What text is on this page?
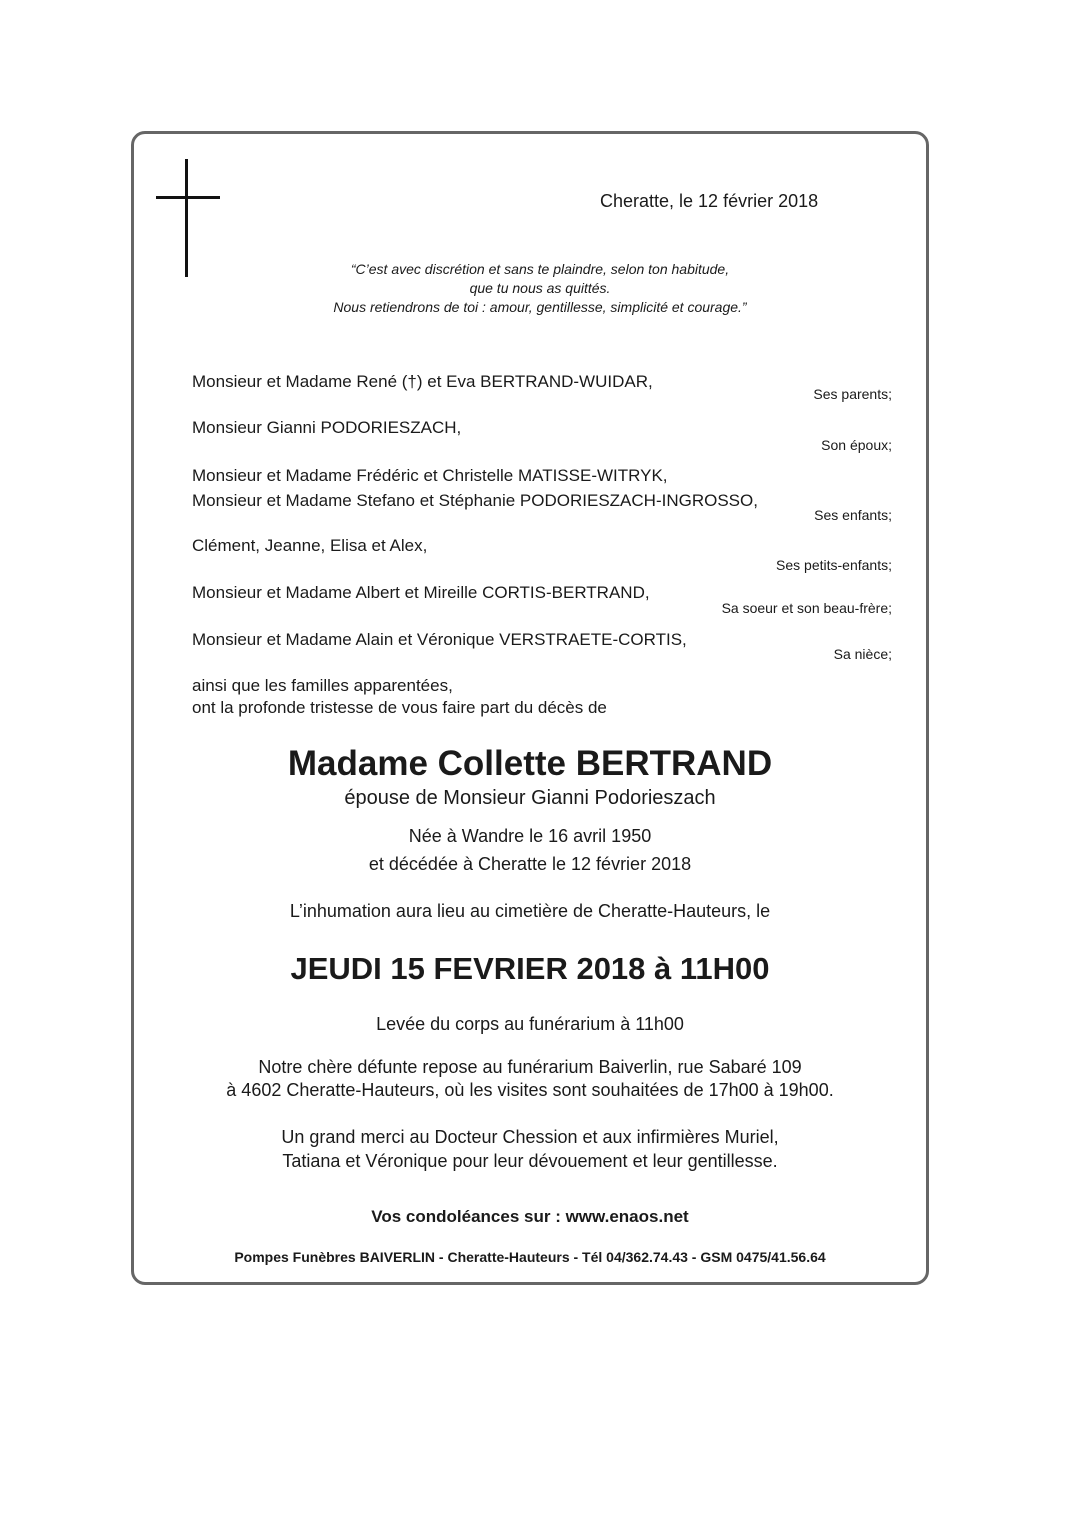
Cheratte, le 12 février 2018
“C’est avec discrétion et sans te plaindre, selon ton habitude,
que tu nous as quittés.
Nous retiendrons de toi : amour, gentillesse, simplicité et courage.”
Monsieur et Madame René (†) et Eva BERTRAND-WUIDAR,
Ses parents;
Monsieur Gianni PODORIESZACH,
Son époux;
Monsieur et Madame Frédéric et Christelle MATISSE-WITRYK,
Monsieur et Madame Stefano et Stéphanie PODORIESZACH-INGROSSO,
Ses enfants;
Clément, Jeanne, Elisa et Alex,
Ses petits-enfants;
Monsieur et Madame Albert et Mireille CORTIS-BERTRAND,
Sa soeur et son beau-frère;
Monsieur et Madame Alain et Véronique VERSTRAETE-CORTIS,
Sa nièce;
ainsi que les familles apparentées,
ont la profonde tristesse de vous faire part du décès de
Madame Collette BERTRAND
épouse de Monsieur Gianni Podorieszach
Née à Wandre le 16 avril 1950
et décédée à Cheratte le 12 février 2018
L’inhumation aura lieu au cimetière de Cheratte-Hauteurs, le
JEUDI 15 FEVRIER 2018 à 11H00
Levée du corps au funérarium à 11h00
Notre chère défunte repose au funérarium Baiverlin, rue Sabaré 109
à 4602 Cheratte-Hauteurs, où les visites sont souhaitées de 17h00 à 19h00.
Un grand merci au Docteur Chession et aux infirmières Muriel,
Tatiana et Véronique pour leur dévouement et leur gentillesse.
Vos condoléances sur : www.enaos.net
Pompes Funèbres BAIVERLIN - Cheratte-Hauteurs - Tél 04/362.74.43 - GSM 0475/41.56.64
